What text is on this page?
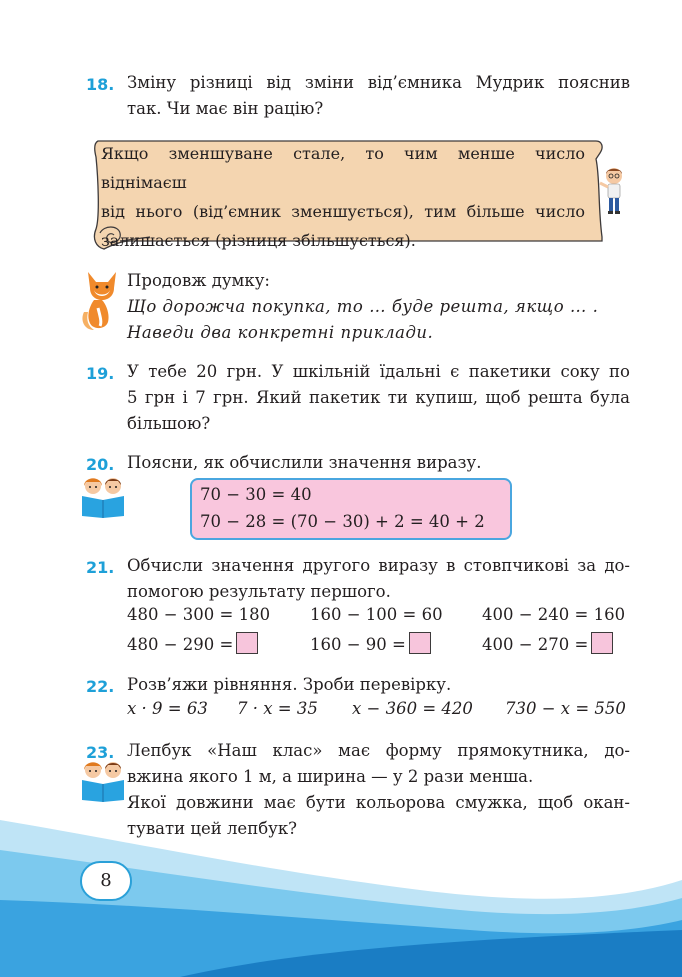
18. Зміну різниці від зміни від’ємника Мудрик пояснив
так. Чи має він рацію?
Якщо зменшуване стале, то чим менше число віднімаєш
від нього (від’ємник зменшується), тим більше число
залишається (різниця збільшується).
Продовж думку:
Що дорожча покупка, то … буде решта, якщо … .
Наведи два конкретні приклади.
19. У тебе 20 грн. У шкільній їдальні є пакетики соку по
5 грн і 7 грн. Який пакетик ти купиш, щоб решта була
більшою?
20. Поясни, як обчислили значення виразу.
70 − 30 = 40
70 − 28 = (70 − 30) + 2 = 40 + 2
21. Обчисли значення другого виразу в стовпчикові за до-
помогою результату першого.
480 − 300 = 180 160 − 100 = 60 400 − 240 = 160
480 − 290 =	160 − 90 =	400 − 270 =
22. Розв’яжи рівняння. Зроби перевірку.
x · 9 = 63 7 · x = 35 x − 360 = 420 730 − x = 550
23. Лепбук «Наш клас» має форму прямокутника, до-
вжина якого 1 м, а ширина — у 2 рази менша.
Якої довжини має бути кольорова смужка, щоб окан-
тувати цей лепбук?
8
